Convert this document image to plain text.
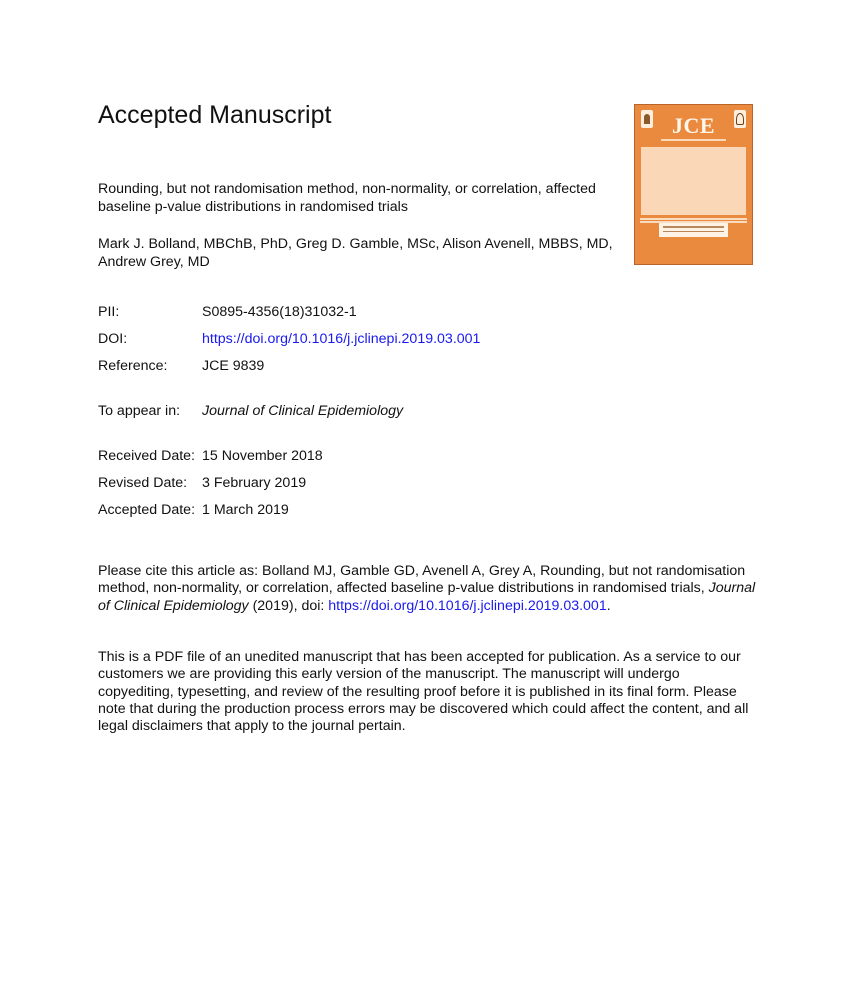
Accepted Manuscript
Rounding, but not randomisation method, non-normality, or correlation, affected baseline p-value distributions in randomised trials
Mark J. Bolland, MBChB, PhD, Greg D. Gamble, MSc, Alison Avenell, MBBS, MD, Andrew Grey, MD
PII:	S0895-4356(18)31032-1
DOI:	https://doi.org/10.1016/j.jclinepi.2019.03.001
Reference: JCE 9839
To appear in: Journal of Clinical Epidemiology
Received Date: 15 November 2018
Revised Date: 3 February 2019
Accepted Date: 1 March 2019
Please cite this article as: Bolland MJ, Gamble GD, Avenell A, Grey A, Rounding, but not randomisation method, non-normality, or correlation, affected baseline p-value distributions in randomised trials, Journal of Clinical Epidemiology (2019), doi: https://doi.org/10.1016/j.jclinepi.2019.03.001.
This is a PDF file of an unedited manuscript that has been accepted for publication. As a service to our customers we are providing this early version of the manuscript. The manuscript will undergo copyediting, typesetting, and review of the resulting proof before it is published in its final form. Please note that during the production process errors may be discovered which could affect the content, and all legal disclaimers that apply to the journal pertain.
JCE
